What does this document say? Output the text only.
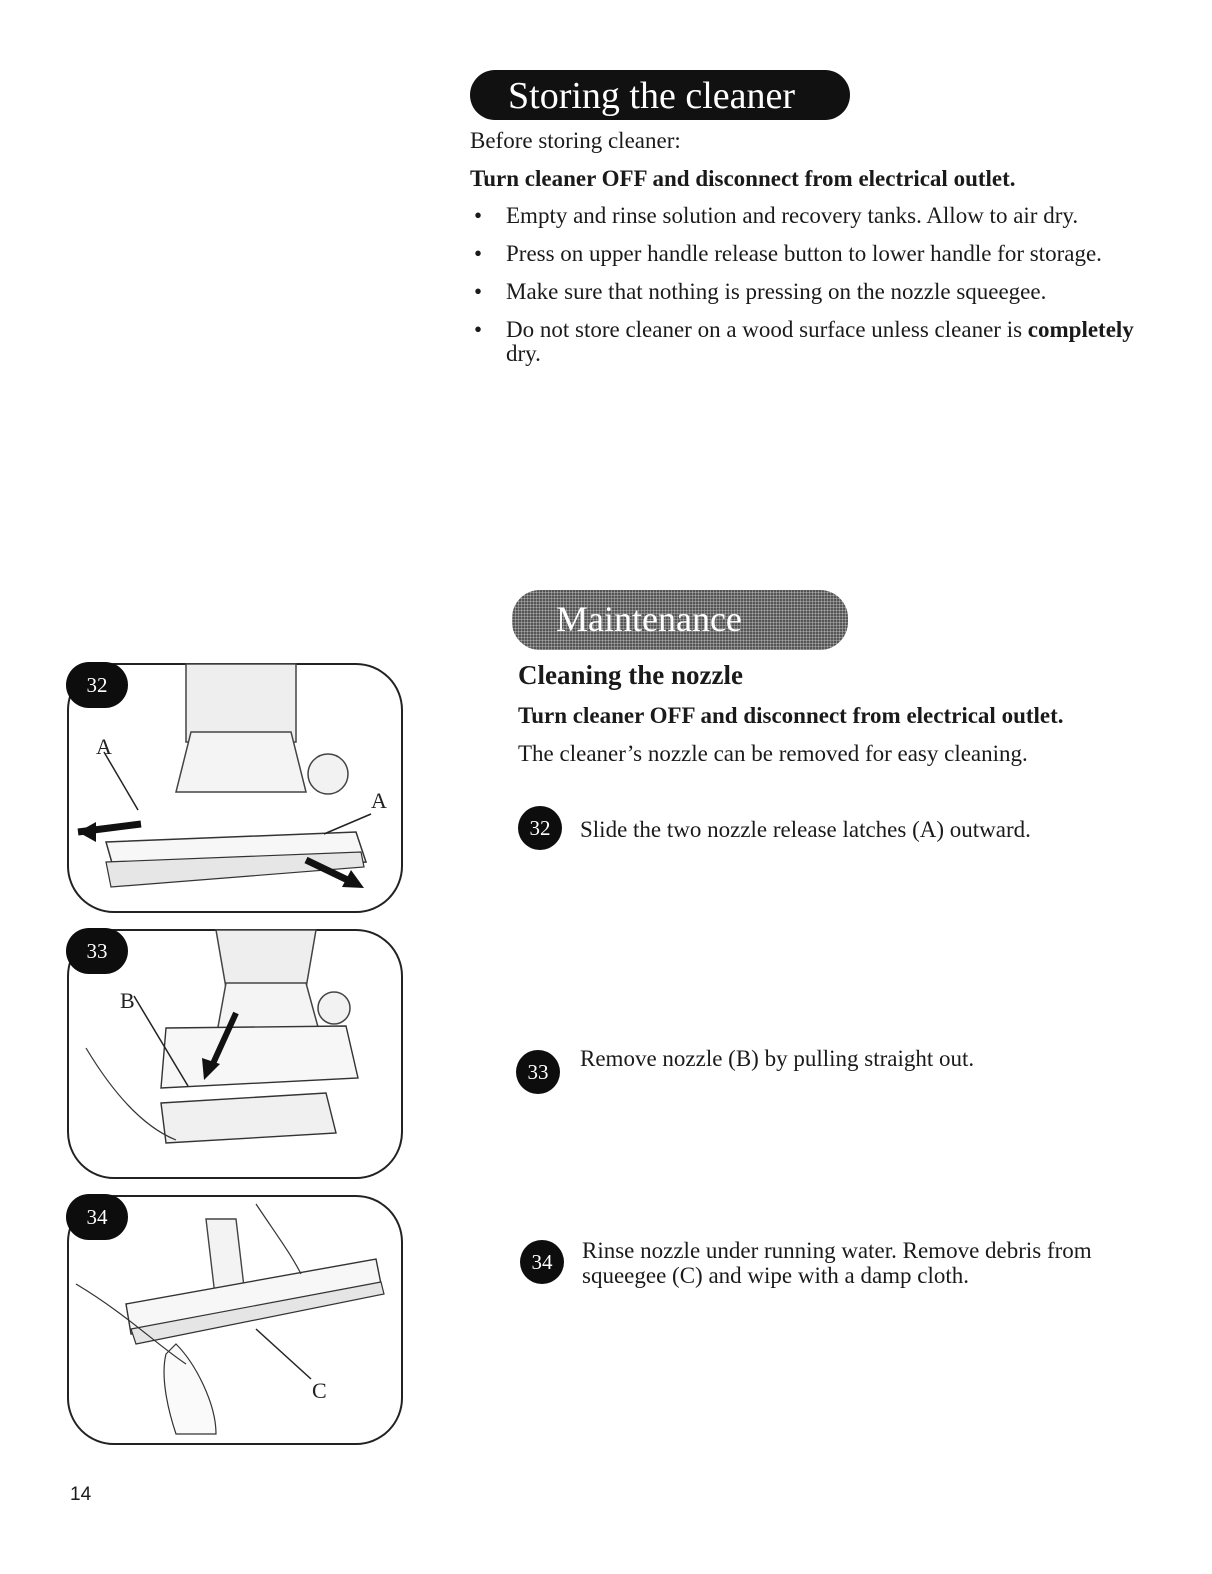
Storing the cleaner
Before storing cleaner:
Turn cleaner OFF and disconnect from electrical outlet.
• Empty and rinse solution and recovery tanks. Allow to air dry.
• Press on upper handle release button to lower handle for storage.
• Make sure that nothing is pressing on the nozzle squeegee.
• Do not store cleaner on a wood surface unless cleaner is completely dry.
Maintenance
Cleaning the nozzle
Turn cleaner OFF and disconnect from electrical outlet.
The cleaner’s nozzle can be removed for easy cleaning.
32	Slide the two nozzle release latches (A) outward.
33
Remove nozzle (B) by pulling straight out.
34	Rinse nozzle under running water. Remove debris from squeegee (C) and wipe with a damp cloth.
A
A
32
B
33
C
34
14
